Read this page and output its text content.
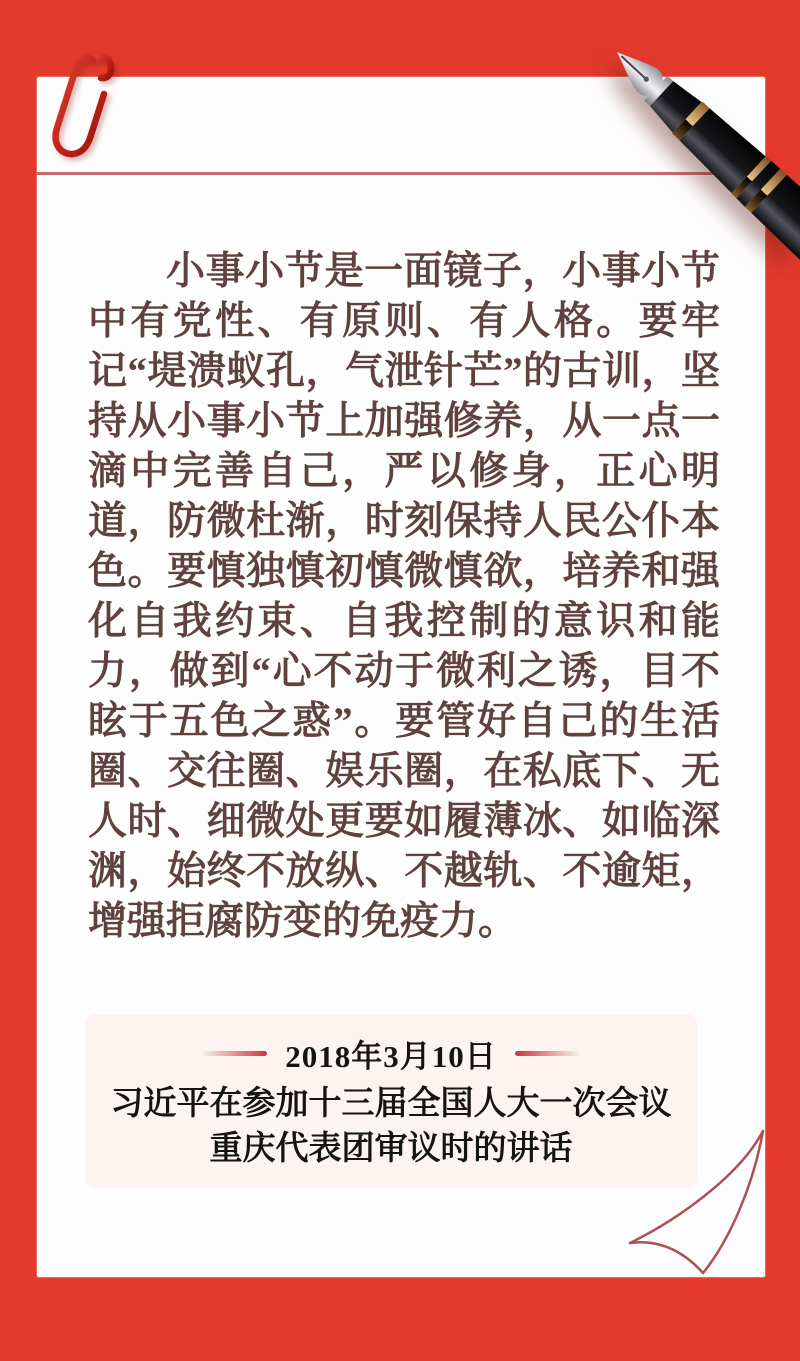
小事小节是一面镜子，小事小节中有党性、有原则、有人格。要牢记“堤溃蚁孔，气泄针芒”的古训，坚持从小事小节上加强修养，从一点一滴中完善自己，严以修身，正心明道，防微杜渐，时刻保持人民公仆本色。要慎独慎初慎微慎欲，培养和强化自我约束、自我控制的意识和能力，做到“心不动于微利之诱，目不眩于五色之惑”。要管好自己的生活圈、交往圈、娱乐圈，在私底下、无人时、细微处更要如履薄冰、如临深渊，始终不放纵、不越轨、不逾矩，增强拒腐防变的免疫力。
2018年3月10日
习近平在参加十三届全国人大一次会议
重庆代表团审议时的讲话
